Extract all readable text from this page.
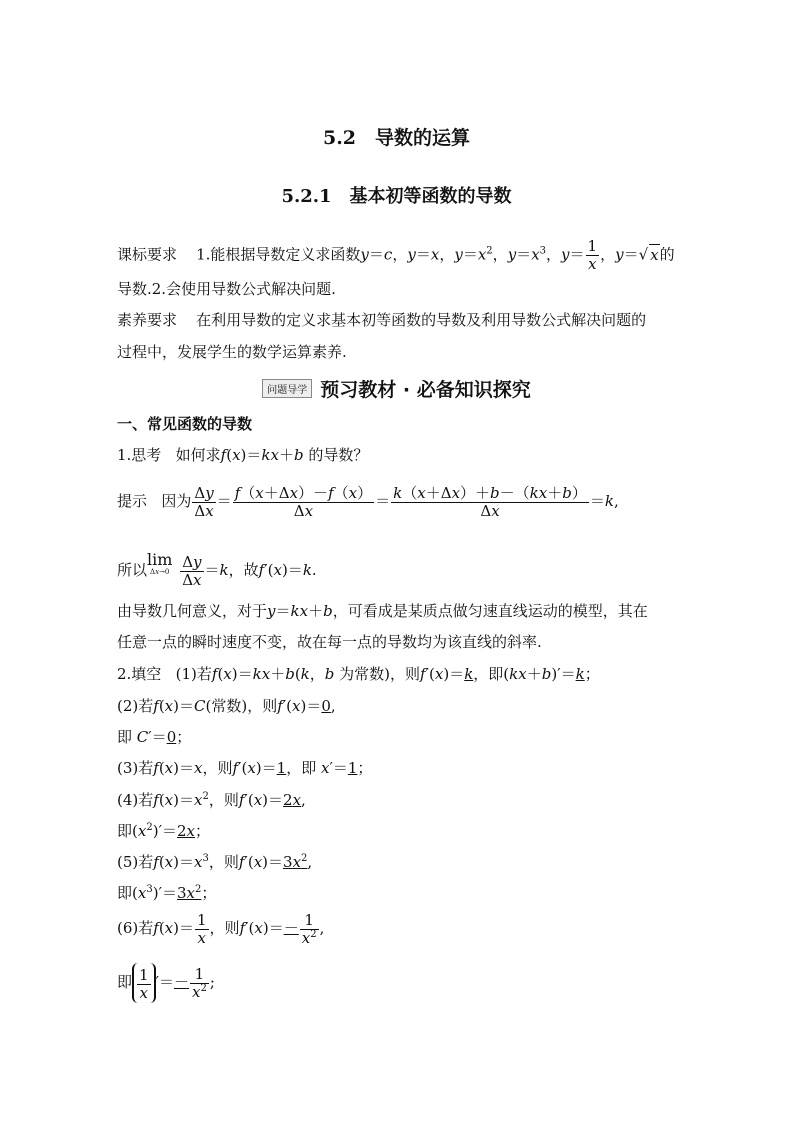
5.2　导数的运算
5.2.1　基本初等函数的导数
课标要求 1.能根据导数定义求函数y＝c，y＝x，$y=x^2$，$y=x^3$，$y= \frac{1}{x}$ ，y＝√ x的
导数.2.会使用导数公式解决问题.
素养要求 在利用导数的定义求基本初等函数的导数及利用导数公式解决问题的
过程中，发展学生的数学运算素养.
问题导学 预习教材 · 必备知识探究
一、常见函数的导数
1.思考 如何求f(x)＝kx＋b 的导数？
提示 因为 $\frac{\Delta y}{\Delta x} = \frac{f(x+\Delta x)-f(x)}{\Delta x} = \frac{k(x+\Delta x)+b-(kx+b)}{\Delta x} =k$,
所以
lim
Δx→0
$\frac{\Delta y}{\Delta x} =k$，故f′(x)＝k.
由导数几何意义，对于y＝kx＋b，可看成是某质点做匀速直线运动的模型，其在
任意一点的瞬时速度不变，故在每一点的导数均为该直线的斜率.
2.填空 (1)若f(x)＝kx＋b(k，b 为常数)，则f′(x)＝k，即(kx＋b)′＝k；
(2)若f(x)＝C(常数)，则f′(x)＝0,
即 C′＝0；
(3)若f(x)＝x，则f′(x)＝1，即 x′＝1；
(4)若$f(x)=x^2$，则f′(x)＝2x,
即$(x^2)'=2x$；
(5)若$f(x)=x^3$，则$f'(x)=3x^2$,
即$(x^3)'=3x^2$；
(6)若$f(x)= \frac{1}{x}$ ，则$f'(x)=- \frac{1}{x^2}$ ,
即 $\frac{1}{x}$ ′＝－ $\frac{1}{x^2}$ ;
